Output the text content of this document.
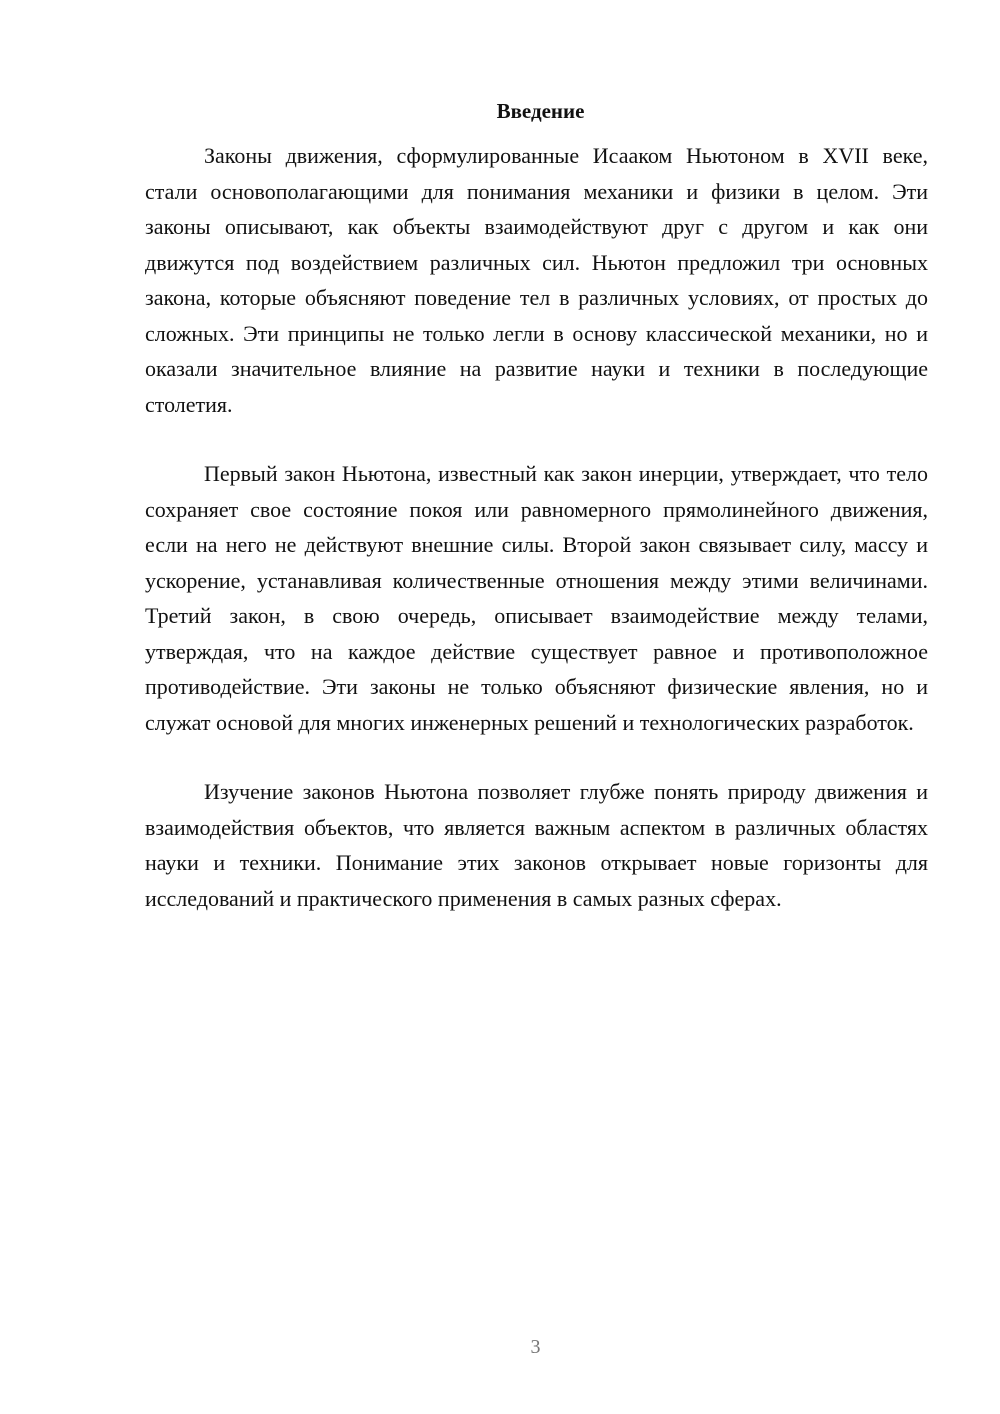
Введение

Законы движения, сформулированные Исааком Ньютоном в XVII веке, стали основополагающими для понимания механики и физики в целом. Эти законы описывают, как объекты взаимодействуют друг с другом и как они движутся под воздействием различных сил. Ньютон предложил три основных закона, которые объясняют поведение тел в различных условиях, от простых до сложных. Эти принципы не только легли в основу классической механики, но и оказали значительное влияние на развитие науки и техники в последующие столетия.

Первый закон Ньютона, известный как закон инерции, утверждает, что тело сохраняет свое состояние покоя или равномерного прямолинейного движения, если на него не действуют внешние силы. Второй закон связывает силу, массу и ускорение, устанавливая количественные отношения между этими величинами. Третий закон, в свою очередь, описывает взаимодействие между телами, утверждая, что на каждое действие существует равное и противоположное противодействие. Эти законы не только объясняют физические явления, но и служат основой для многих инженерных решений и технологических разработок.

Изучение законов Ньютона позволяет глубже понять природу движения и взаимодействия объектов, что является важным аспектом в различных областях науки и техники. Понимание этих законов открывает новые горизонты для исследований и практического применения в самых разных сферах.

3
